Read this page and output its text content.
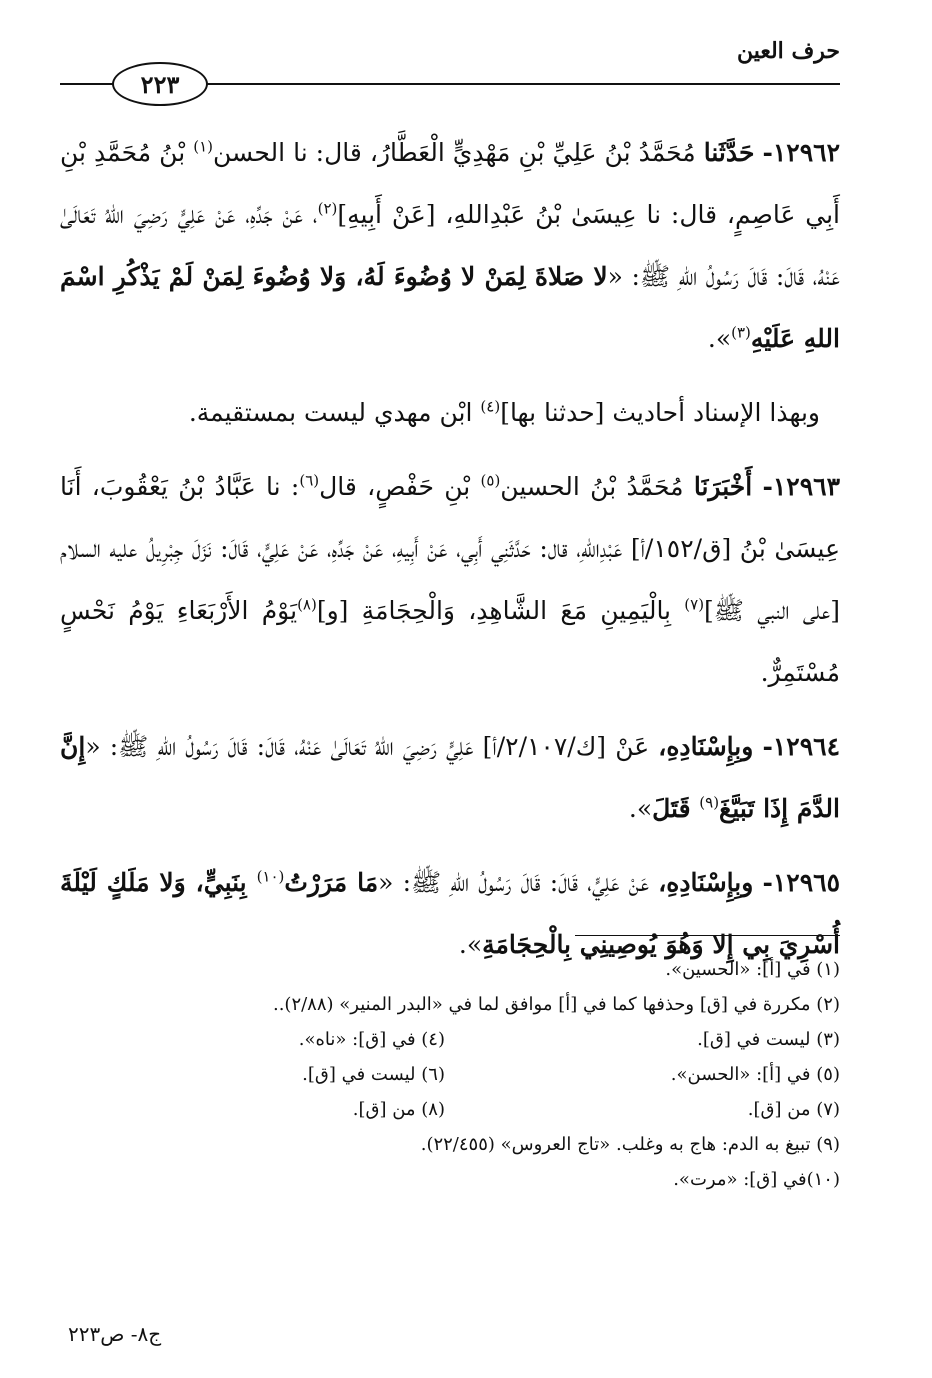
حرف العين
٢٢٣

١٢٩٦٢- حَدَّثَنا مُحَمَّدُ بْنُ عَلِيِّ بْنِ مَهْدِيٍّ الْعَطَّارُ، قال: نا الحسن$^{(١)}$ بْنُ مُحَمَّدِ بْنِ أَبِي عَاصِمٍ، قال: نا عِيسَىٰ بْنُ عَبْدِاللهِ، [عَنْ أَبِيهِ]$^{(٢)}$، عَنْ جَدِّهِ، عَنْ عَلِيٍّ رَضِيَ اللهُ تَعَالَىٰ عَنْهُ، قَالَ: قَالَ رَسُولُ اللهِ ﷺ: «لا صَلاةَ لِمَنْ لا وُضُوءَ لَهُ، وَلا وُضُوءَ لِمَنْ لَمْ يَذْكُرِ اسْمَ اللهِ عَلَيْهِ$^{(٣)}$».

وبهذا الإسناد أحاديث [حدثنا بها]$^{(٤)}$ ابْن مهدي ليست بمستقيمة.

١٢٩٦٣- أَخْبَرَنَا مُحَمَّدُ بْنُ الحسين$^{(٥)}$ بْنِ حَفْصٍ، قال$^{(٦)}$: نا عَبَّادُ بْنُ يَعْقُوبَ، أَنَا عِيسَىٰ بْنُ [ق/١٥٢/أ] عَبْدِاللهِ، قال: حَدَّثَنِي أَبِي، عَنْ أَبِيهِ، عَنْ جَدِّهِ، عَنْ عَلِيٍّ، قَالَ: نَزَلَ جِبْرِيلُ عليه السلام [على النبي ﷺ]$^{(٧)}$ بِالْيَمِينِ مَعَ الشَّاهِدِ، وَالْحِجَامَةِ [و]$^{(٨)}$يَوْمُ الأَرْبَعَاءِ يَوْمُ نَحْسٍ مُسْتَمِرٌّ.

١٢٩٦٤- وبِإِسْنَادِهِ، عَنْ [ك/٢/١٠٧/أ] عَلِيٍّ رَضِيَ اللهُ تَعَالَىٰ عَنْهُ، قَالَ: قَالَ رَسُولُ اللهِ ﷺ: «إِنَّ الدَّمَ إِذَا تَبَيَّغَ$^{(٩)}$ قَتَلَ».

١٢٩٦٥- وبِإِسْنَادِهِ، عَنْ عَلِيٍّ، قَالَ: قَالَ رَسُولُ اللهِ ﷺ: «مَا مَرَرْتُ$^{(١٠)}$ بِنَبِيٍّ، وَلا مَلَكٍ لَيْلَةَ أُسْرِيَ بِي إِلا وَهُوَ يُوصِينِي بِالْحِجَامَةِ».

(١) في [أ]: «الحسين».
(٢) مكررة في [ق] وحذفها كما في [أ] موافق لما في «البدر المنير» (٢/٨٨)..
(٣) ليست في [ق].
(٤) في [ق]: «ناه».
(٥) في [أ]: «الحسن».
(٦) ليست في [ق].
(٧) من [ق].
(٨) من [ق].
(٩) تبيغ به الدم: هاج به وغلب. «تاج العروس» (٢٢/٤٥٥).
(١٠)في [ق]: «مرت».
ج٨- ص٢٢٣
